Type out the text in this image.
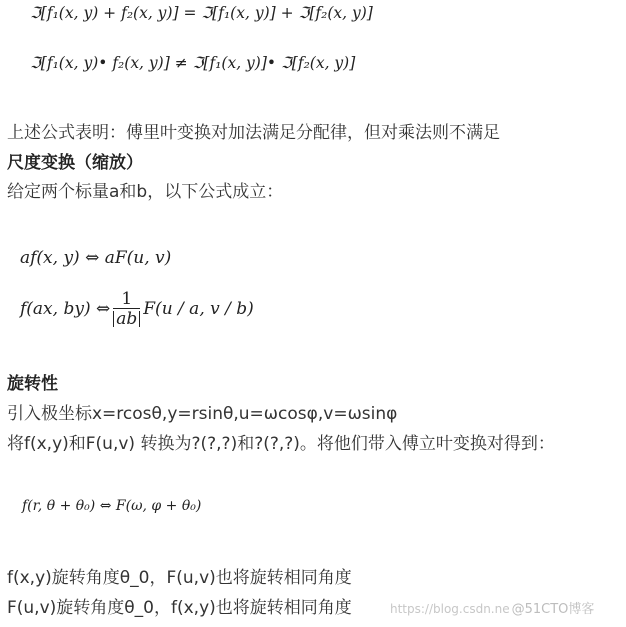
ℑ[f₁(x, y) + f₂(x, y)] = ℑ[f₁(x, y)] + ℑ[f₂(x, y)]
ℑ[f₁(x, y)• f₂(x, y)] ≠ ℑ[f₁(x, y)]• ℑ[f₂(x, y)]
上述公式表明：傅里叶变换对加法满足分配律，但对乘法则不满足
尺度变换（缩放）
给定两个标量a和b，以下公式成立：
af(x, y) ⇔ aF(u, v)
f(ax, by) ⇔ $\frac{1}{ab} F(u$ / a, v / b)
旋转性
引入极坐标x=rcosθ,y=rsinθ,u=ωcosφ,v=ωsinφ
将f(x,y)和F(u,v) 转换为?(?,?)和?(?,?)。将他们带入傅立叶变换对得到：
f(r, θ + θ₀) ⇔ F(ω, φ + θ₀)
f(x,y)旋转角度θ_0，F(u,v)也将旋转相同角度
F(u,v)旋转角度θ_0，f(x,y)也将旋转相同角度	https://blog.csdn.ne @51CTO博客
